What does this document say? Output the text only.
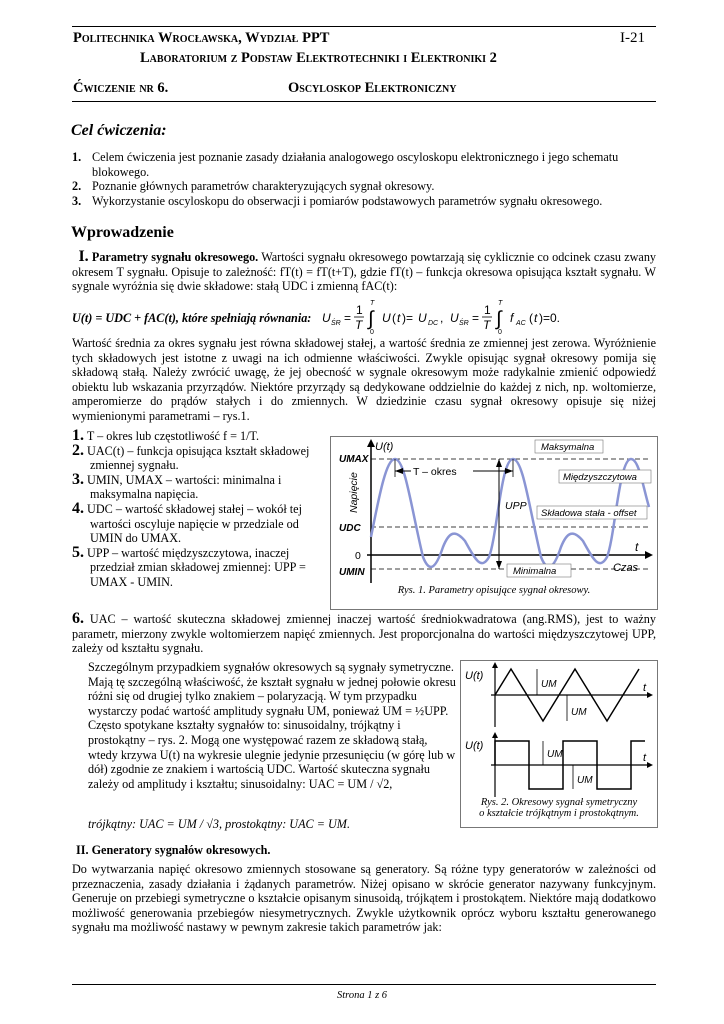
Politechnika Wrocławska, Wydział PPT	I-21
Laboratorium z Podstaw Elektrotechniki i Elektroniki 2
Ćwiczenie nr 6.	Oscyloskop Elektroniczny
Cel ćwiczenia:
1. Celem ćwiczenia jest poznanie zasady działania analogowego oscyloskopu elektronicznego i jego schematu blokowego.
2. Poznanie głównych parametrów charakteryzujących sygnał okresowy.
3. Wykorzystanie oscyloskopu do obserwacji i pomiarów podstawowych parametrów sygnału okresowego.
Wprowadzenie
I. Parametry sygnału okresowego. Wartości sygnału okresowego powtarzają się cyklicznie co odcinek czasu zwany okresem T sygnału. Opisuje to zależność: fT(t) = fT(t+T), gdzie fT(t) – funkcja okresowa opisująca kształt sygnału. W sygnale wyróżnia się dwie składowe: stałą UDC i zmienną fAC(t):
U(t) = UDC + fAC(t), które spełniają równania: U ŚR =
1
T ∫
T
0
U ( t )= U DC , U ŚR =
1
T ∫
T
0
f AC ( t )=0.
Wartość średnia za okres sygnału jest równa składowej stałej, a wartość średnia ze zmiennej jest zerowa. Wyróżnienie tych składowych jest istotne z uwagi na ich odmienne właściwości. Zwykle opisując sygnał okresowy pomija się składową stałą. Należy zwrócić uwagę, że jej obecność w sygnale okresowym może radykalnie zmienić odpowiedź obiektu lub wskazania przyrządów. Niektóre przyrządy są dedykowane oddzielnie do każdej z nich, np. woltomierze, amperomierze do prądów stałych i do zmiennych. W dziedzinie czasu sygnał okresowy opisuje się niżej wymienionymi parametrami – rys.1.
1. T – okres lub częstotliwość f = 1/T.
2. UAC(t) – funkcja opisująca kształt składowej zmiennej sygnału.
3. UMIN, UMAX – wartości: minimalna i maksymalna napięcia.
4. UDC – wartość składowej stałej – wokół tej wartości oscyluje napięcie w przedziale od UMIN do UMAX.
5. UPP – wartość międzyszczytowa, inaczej przedział zmian składowej zmiennej: UPP = UMAX - UMIN.
T – okres
UPP
U(t)
UMAX
UDC
0
UMIN
Napięcie
t
Czas
Maksymalna
Międzyszczytowa
Składowa stała - offset
Minimalna
Rys. 1. Parametry opisujące sygnał okresowy.
6. UAC – wartość skuteczna składowej zmiennej inaczej wartość średniokwadratowa (ang.RMS), jest to ważny parametr, mierzony zwykle woltomierzem napięć zmiennych. Jest proporcjonalna do wartości międzyszczytowej UPP, zależy od kształtu sygnału.
Szczególnym przypadkiem sygnałów okresowych są sygnały symetryczne. Mają tę szczególną właściwość, że kształt sygnału w jednej połowie okresu różni się od drugiej tylko znakiem – polaryzacją. W tym przypadku wystarczy podać wartość amplitudy sygnału UM, ponieważ UM = ½UPP. Często spotykane kształty sygnałów to: sinusoidalny, trójkątny i prostokątny – rys. 2. Mogą one występować razem ze składową stałą, wtedy krzywa U(t) na wykresie ulegnie jedynie przesunięciu (w górę lub w dół) zgodnie ze znakiem i wartością UDC. Wartość skuteczna sygnału zależy od amplitudy i kształtu; sinusoidalny: UAC = UM / √2,
trójkątny: UAC = UM / √3, prostokątny: UAC = UM.
U(t)
UM
UM
t
U(t)
UM
UM
t
Rys. 2. Okresowy sygnał symetryczny
o kształcie trójkątnym i prostokątnym.
II. Generatory sygnałów okresowych.
Do wytwarzania napięć okresowo zmiennych stosowane są generatory. Są różne typy generatorów w zależności od przeznaczenia, zasady działania i żądanych parametrów. Niżej opisano w skrócie generator nazywany funkcyjnym. Generuje on przebiegi symetryczne o kształcie opisanym sinusoidą, trójkątem i prostokątem. Niektóre mają dodatkowo możliwość generowania przebiegów niesymetrycznych. Zwykle użytkownik oprócz wyboru kształtu generowanego sygnału ma możliwość nastawy w pewnym zakresie takich parametrów jak:
Strona 1 z 6
